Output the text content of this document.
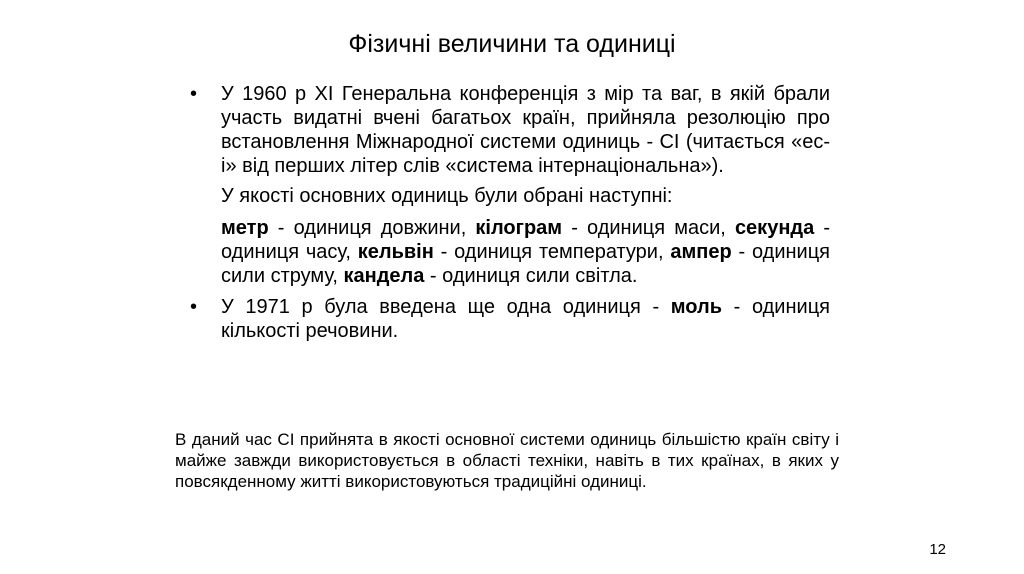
Фізичні величини та одиниці
•	У 1960 р XI Генеральна конференція з мір та ваг, в якій брали участь видатні вчені багатьох країн, прийняла резолюцію про встановлення Міжнародної системи одиниць - СІ (читається «ес-і» від перших літер слів «система інтернаціональна»).
У якості основних одиниць були обрані наступні:
метр - одиниця довжини, кілограм - одиниця маси, секунда - одиниця часу, кельвін - одиниця температури, ампер - одиниця сили струму, кандела - одиниця сили світла.
•	У 1971 р була введена ще одна одиниця - моль - одиниця кількості речовини.
В даний час СІ прийнята в якості основної системи одиниць більшістю країн світу і майже завжди використовується в області техніки, навіть в тих країнах, в яких у повсякденному житті використовуються традиційні одиниці.
12
